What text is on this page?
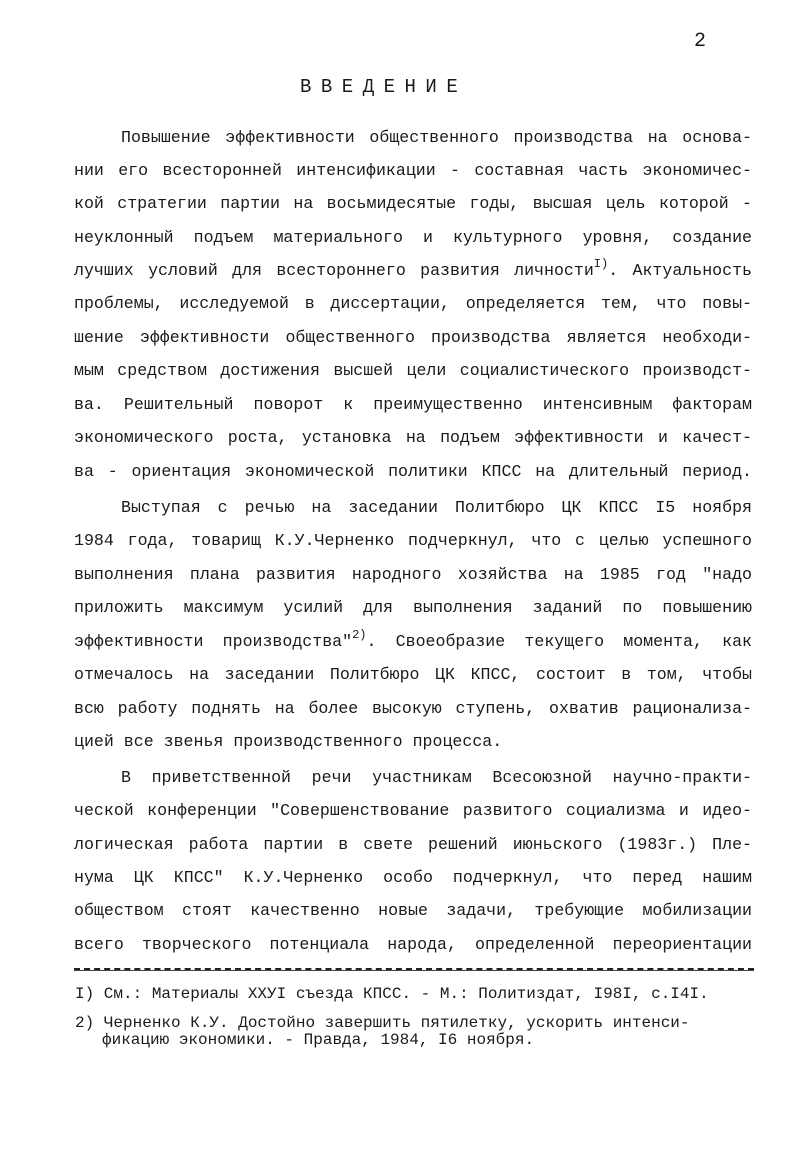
2
ВВЕДЕНИЕ
Повышение эффективности общественного производства на основа-
нии его всесторонней интенсификации - составная часть экономичес-
кой стратегии партии на восьмидесятые годы, высшая цель которой -
неуклонный подъем материального и культурного уровня, создание
лучших условий для всестороннего развития личности$^{I)}$. Актуальность
проблемы, исследуемой в диссертации, определяется тем, что повы-
шение эффективности общественного производства является необходи-
мым средством достижения высшей цели социалистического производст-
ва. Решительный поворот к преимущественно интенсивным факторам
экономического роста, установка на подъем эффективности и качест-
ва - ориентация экономической политики КПСС на длительный период.
Выступая с речью на заседании Политбюро ЦК КПСС I5 ноября
1984 года, товарищ К.У.Черненко подчеркнул, что с целью успешного
выполнения плана развития народного хозяйства на 1985 год "надо
приложить максимум усилий для выполнения заданий по повышению
эффективности производства"$^{2)}$. Своеобразие текущего момента, как
отмечалось на заседании Политбюро ЦК КПСС, состоит в том, чтобы
всю работу поднять на более высокую ступень, охватив рационализа-
цией все звенья производственного процесса.
В приветственной речи участникам Всесоюзной научно-практи-
ческой конференции "Совершенствование развитого социализма и идео-
логическая работа партии в свете решений июньского (1983г.) Пле-
нума ЦК КПСС" К.У.Черненко особо подчеркнул, что перед нашим
обществом стоят качественно новые задачи, требующие мобилизации
всего творческого потенциала народа, определенной переориентации
I) См.: Материалы XXУI съезда КПСС. - М.: Политиздат, I98I, с.I4I.
2) Черненко К.У. Достойно завершить пятилетку, ускорить интенси-
фикацию экономики. - Правда, 1984, I6 ноября.
